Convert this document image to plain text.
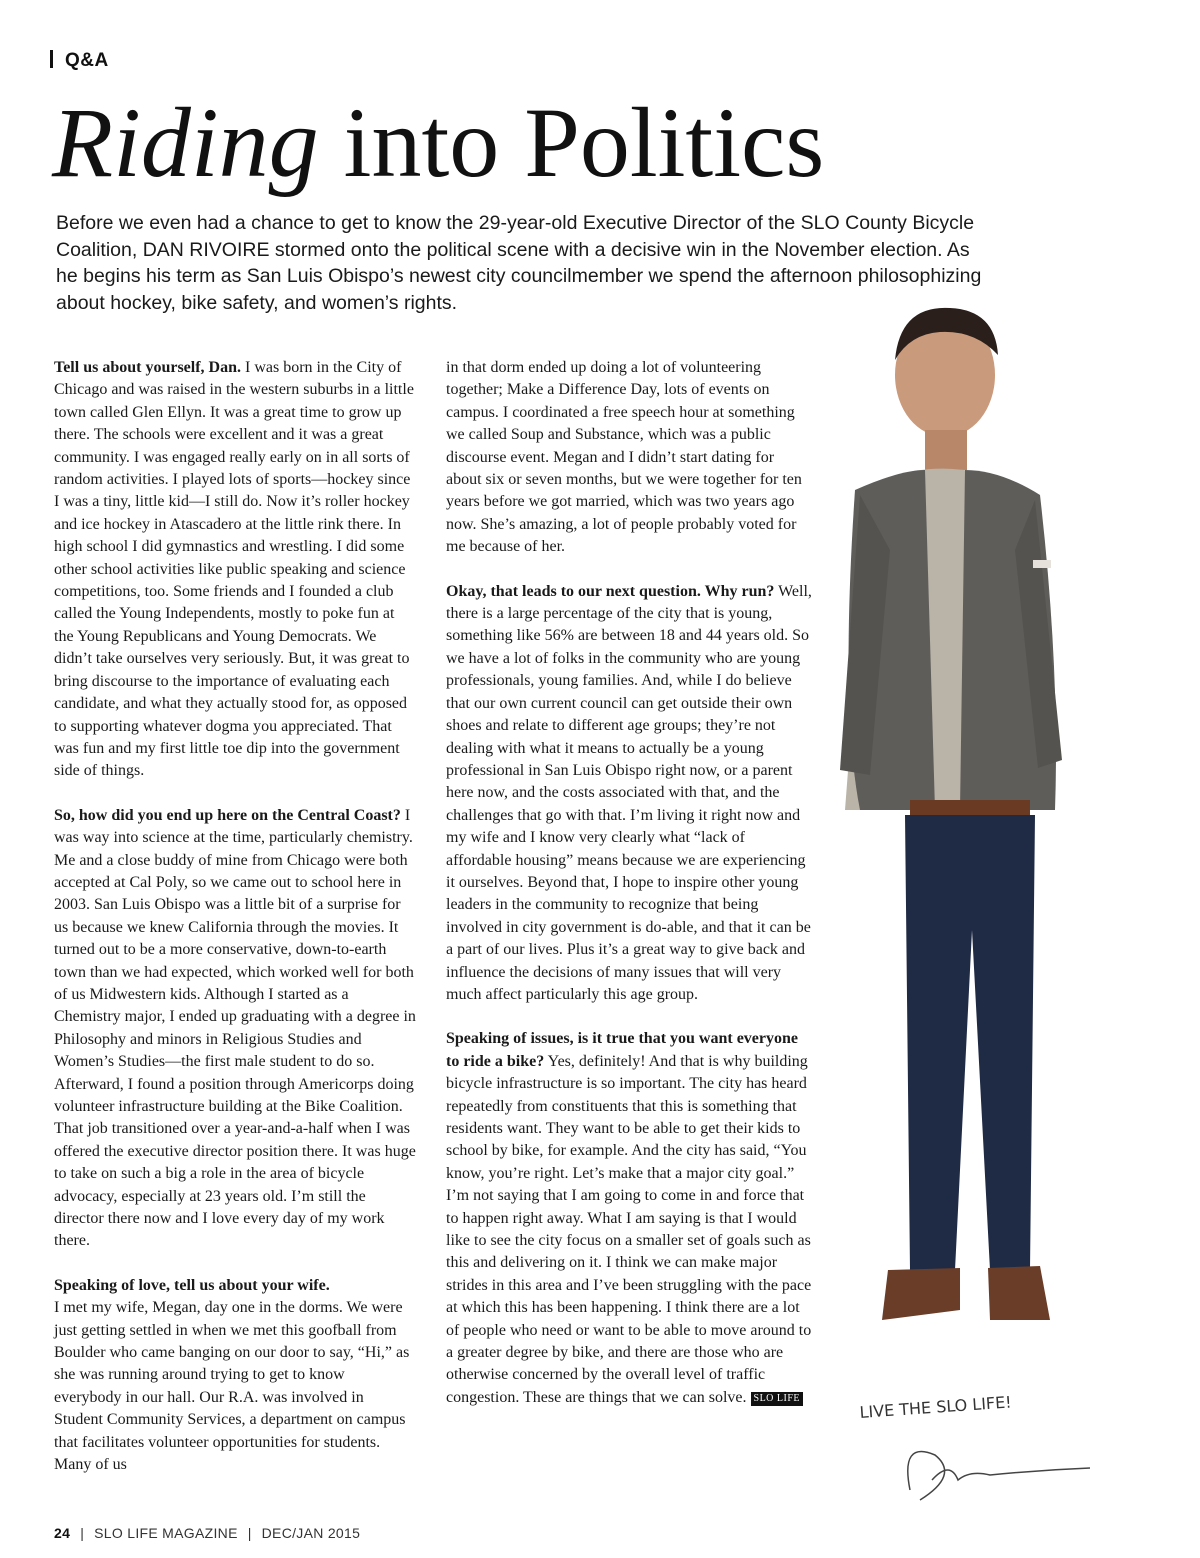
Q&A
Riding into Politics

Before we even had a chance to get to know the 29-year-old Executive Director of the SLO County Bicycle Coalition, DAN RIVOIRE stormed onto the political scene with a decisive win in the November election. As he begins his term as San Luis Obispo’s newest city councilmember we spend the afternoon philosophizing about hockey, bike safety, and women’s rights.

Tell us about yourself, Dan. I was born in the City of Chicago and was raised in the western suburbs in a little town called Glen Ellyn. It was a great time to grow up there. The schools were excellent and it was a great community. I was engaged really early on in all sorts of random activities. I played lots of sports—hockey since I was a tiny, little kid—I still do. Now it’s roller hockey and ice hockey in Atascadero at the little rink there. In high school I did gymnastics and wrestling. I did some other school activities like public speaking and science competitions, too. Some friends and I founded a club called the Young Independents, mostly to poke fun at the Young Republicans and Young Democrats. We didn’t take ourselves very seriously. But, it was great to bring discourse to the importance of evaluating each candidate, and what they actually stood for, as opposed to supporting whatever dogma you appreciated. That was fun and my first little toe dip into the government side of things.

So, how did you end up here on the Central Coast? I was way into science at the time, particularly chemistry. Me and a close buddy of mine from Chicago were both accepted at Cal Poly, so we came out to school here in 2003. San Luis Obispo was a little bit of a surprise for us because we knew California through the movies. It turned out to be a more conservative, down-to-earth town than we had expected, which worked well for both of us Midwestern kids. Although I started as a Chemistry major, I ended up graduating with a degree in Philosophy and minors in Religious Studies and Women’s Studies—the first male student to do so. Afterward, I found a position through Americorps doing volunteer infrastructure building at the Bike Coalition. That job transitioned over a year-and-a-half when I was offered the executive director position there. It was huge to take on such a big a role in the area of bicycle advocacy, especially at 23 years old. I’m still the director there now and I love every day of my work there.

Speaking of love, tell us about your wife.
I met my wife, Megan, day one in the dorms. We were just getting settled in when we met this goofball from Boulder who came banging on our door to say, “Hi,” as she was running around trying to get to know everybody in our hall. Our R.A. was involved in Student Community Services, a department on campus that facilitates volunteer opportunities for students. Many of us

in that dorm ended up doing a lot of volunteering together; Make a Difference Day, lots of events on campus. I coordinated a free speech hour at something we called Soup and Substance, which was a public discourse event. Megan and I didn’t start dating for about six or seven months, but we were together for ten years before we got married, which was two years ago now. She’s amazing, a lot of people probably voted for me because of her.

Okay, that leads to our next question. Why run? Well, there is a large percentage of the city that is young, something like 56% are between 18 and 44 years old. So we have a lot of folks in the community who are young professionals, young families. And, while I do believe that our own current council can get outside their own shoes and relate to different age groups; they’re not dealing with what it means to actually be a young professional in San Luis Obispo right now, or a parent here now, and the costs associated with that, and the challenges that go with that. I’m living it right now and my wife and I know very clearly what “lack of affordable housing” means because we are experiencing it ourselves. Beyond that, I hope to inspire other young leaders in the community to recognize that being involved in city government is do-able, and that it can be a part of our lives. Plus it’s a great way to give back and influence the decisions of many issues that will very much affect particularly this age group.

Speaking of issues, is it true that you want everyone to ride a bike? Yes, definitely! And that is why building bicycle infrastructure is so important. The city has heard repeatedly from constituents that this is something that residents want. They want to be able to get their kids to school by bike, for example. And the city has said, “You know, you’re right. Let’s make that a major city goal.” I’m not saying that I am going to come in and force that to happen right away. What I am saying is that I would like to see the city focus on a smaller set of goals such as this and delivering on it. I think we can make major strides in this area and I’ve been struggling with the pace at which this has been happening. I think there are a lot of people who need or want to be able to move around to a greater degree by bike, and there are those who are otherwise concerned by the overall level of traffic congestion. These are things that we can solve. SLO LIFE	LIVE THE SLO LIFE!
24 | SLO LIFE MAGAZINE | DEC/JAN 2015
